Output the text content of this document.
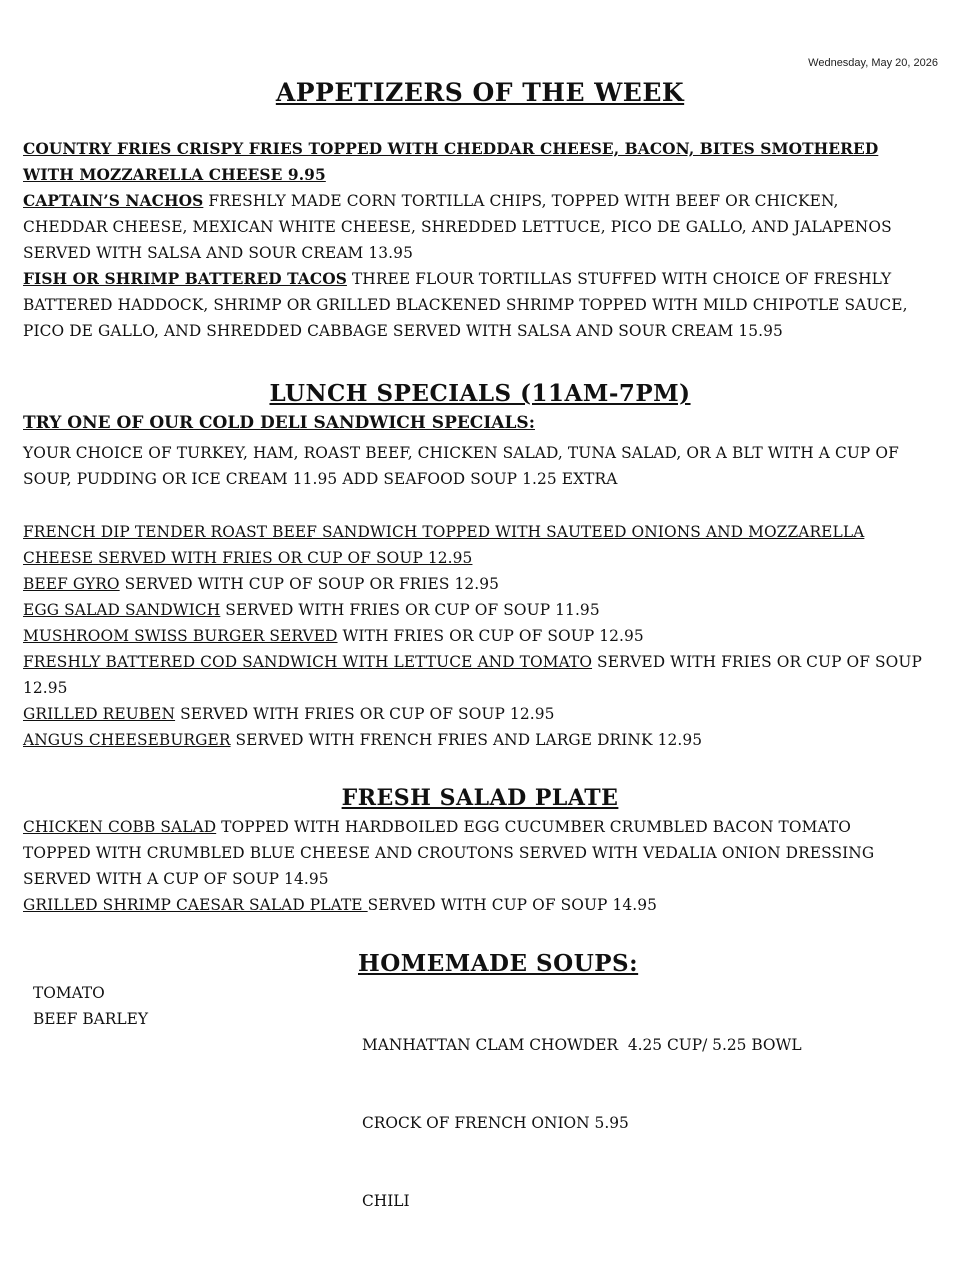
Wednesday, May 20, 2026
APPETIZERS OF THE WEEK
COUNTRY FRIES CRISPY FRIES TOPPED WITH CHEDDAR CHEESE, BACON, BITES SMOTHERED WITH MOZZARELLA CHEESE 9.95
CAPTAIN’S NACHOS FRESHLY MADE CORN TORTILLA CHIPS, TOPPED WITH BEEF OR CHICKEN, CHEDDAR CHEESE, MEXICAN WHITE CHEESE, SHREDDED LETTUCE, PICO DE GALLO, AND JALAPENOS SERVED WITH SALSA AND SOUR CREAM 13.95
FISH OR SHRIMP BATTERED TACOS THREE FLOUR TORTILLAS STUFFED WITH CHOICE OF FRESHLY BATTERED HADDOCK, SHRIMP OR GRILLED BLACKENED SHRIMP TOPPED WITH MILD CHIPOTLE SAUCE, PICO DE GALLO, AND SHREDDED CABBAGE SERVED WITH SALSA AND SOUR CREAM 15.95
LUNCH SPECIALS (11AM-7PM)
TRY ONE OF OUR COLD DELI SANDWICH SPECIALS:
YOUR CHOICE OF TURKEY, HAM, ROAST BEEF, CHICKEN SALAD, TUNA SALAD, OR A BLT WITH A CUP OF SOUP, PUDDING OR ICE CREAM 11.95 ADD SEAFOOD SOUP 1.25 EXTRA
FRENCH DIP TENDER ROAST BEEF SANDWICH TOPPED WITH SAUTEED ONIONS AND MOZZARELLA CHEESE SERVED WITH FRIES OR CUP OF SOUP 12.95
BEEF GYRO SERVED WITH CUP OF SOUP OR FRIES 12.95
EGG SALAD SANDWICH SERVED WITH FRIES OR CUP OF SOUP 11.95
MUSHROOM SWISS BURGER SERVED WITH FRIES OR CUP OF SOUP 12.95
FRESHLY BATTERED COD SANDWICH WITH LETTUCE AND TOMATO SERVED WITH FRIES OR CUP OF SOUP 12.95
GRILLED REUBEN SERVED WITH FRIES OR CUP OF SOUP 12.95
ANGUS CHEESEBURGER SERVED WITH FRENCH FRIES AND LARGE DRINK 12.95
FRESH SALAD PLATE
CHICKEN COBB SALAD TOPPED WITH HARDBOILED EGG CUCUMBER CRUMBLED BACON TOMATO TOPPED WITH CRUMBLED BLUE CHEESE AND CROUTONS SERVED WITH VEDALIA ONION DRESSING SERVED WITH A CUP OF SOUP 14.95
GRILLED SHRIMP CAESAR SALAD PLATE SERVED WITH CUP OF SOUP 14.95
HOMEMADE SOUPS:
TOMATO
BEEF BARLEY

MANHATTAN CLAM CHOWDER  4.25 CUP/ 5.25 BOWL

CROCK OF FRENCH ONION 5.95

CHILI
